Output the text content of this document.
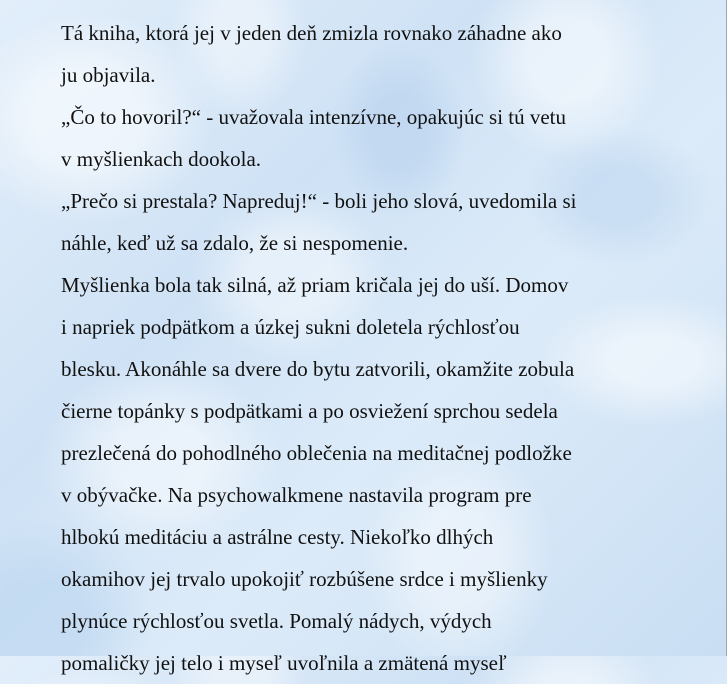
Tá kniha, ktorá jej v jeden deň zmizla rovnako záhadne ako
ju objavila.
„Čo to hovoril?“ - uvažovala intenzívne, opakujúc si tú vetu
v myšlienkach dookola.
„Prečo si prestala? Napreduj!“ - boli jeho slová, uvedomila si
náhle, keď už sa zdalo, že si nespomenie.
Myšlienka bola tak silná, až priam kričala jej do uší. Domov
i napriek podpätkom a úzkej sukni doletela rýchlosťou
blesku. Akonáhle sa dvere do bytu zatvorili, okamžite zobula
čierne topánky s podpätkami a po osviežení sprchou sedela
prezlečená do pohodlného oblečenia na meditačnej podložke
v obývačke. Na psychowalkmene nastavila program pre
hlbokú meditáciu a astrálne cesty. Niekoľko dlhých
okamihov jej trvalo upokojiť rozbúšene srdce i myšlienky
plynúce rýchlosťou svetla. Pomalý nádych, výdych
pomaličky jej telo i myseľ uvoľnila a zmätená myseľ
